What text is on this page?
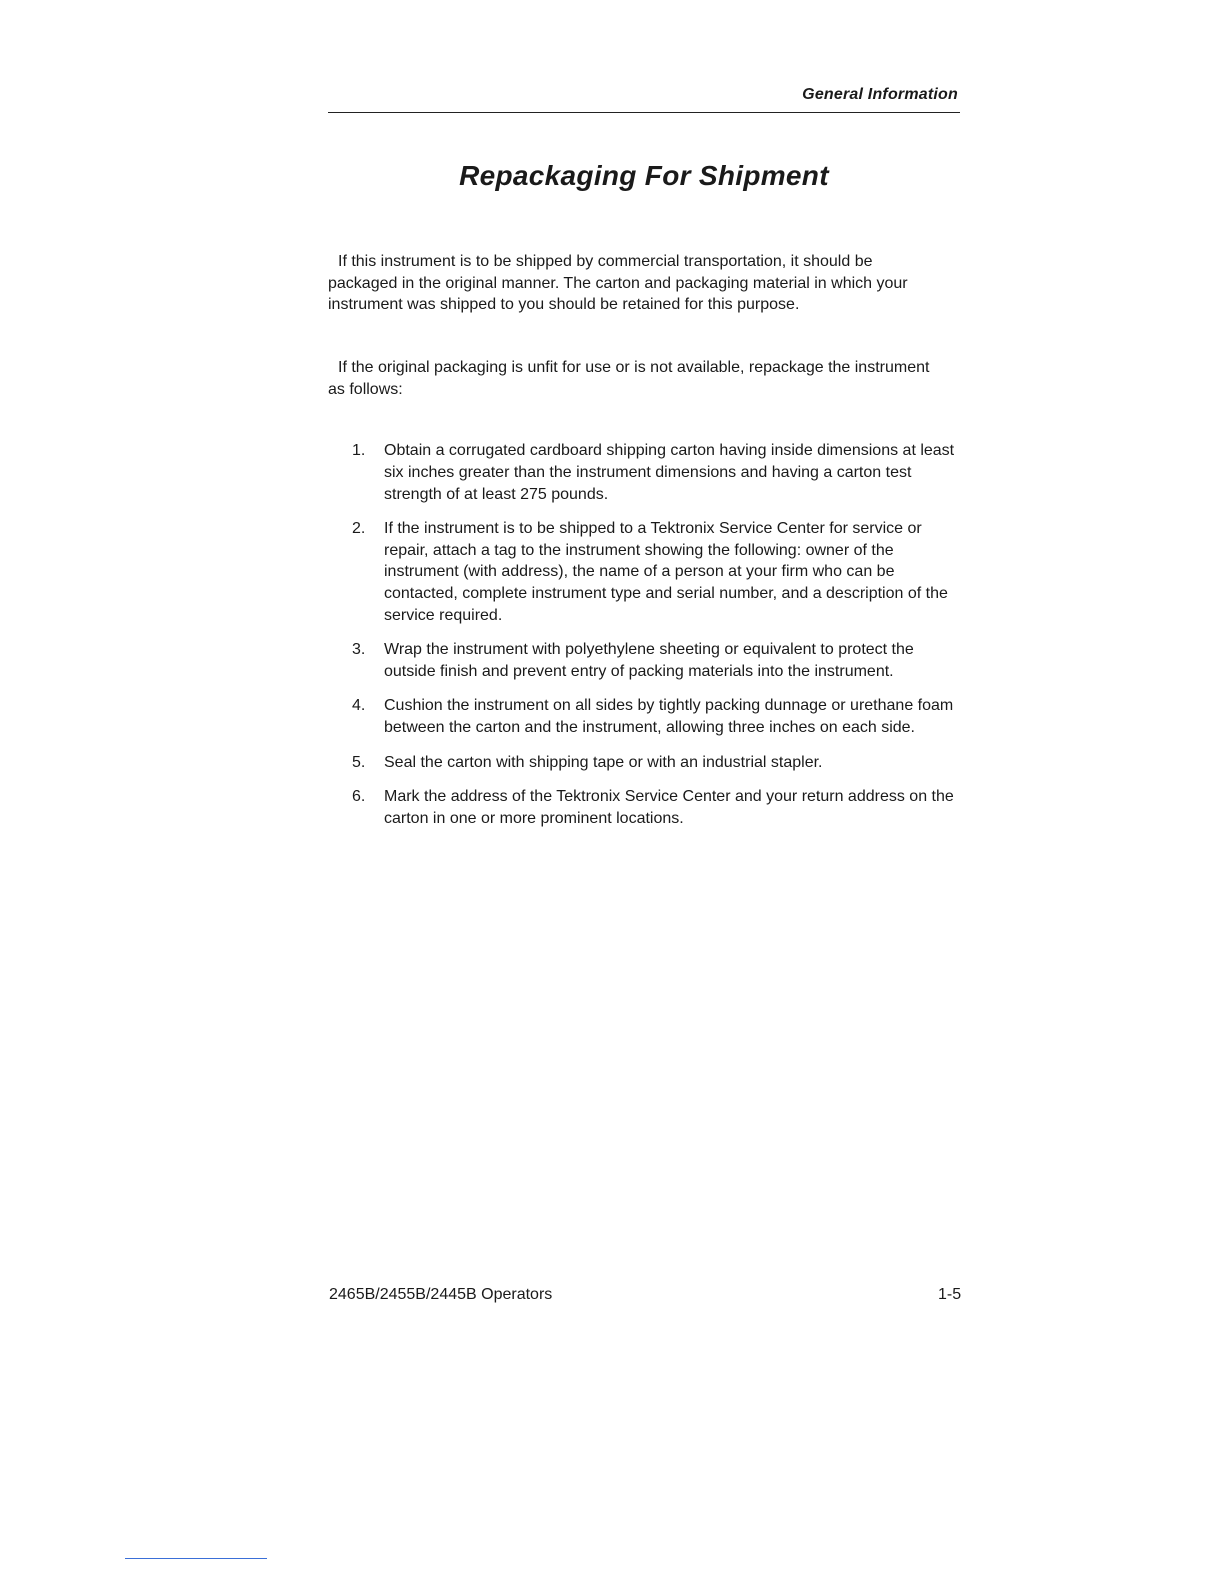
General Information
Repackaging For Shipment

If this instrument is to be shipped by commercial transportation, it should be packaged in the original manner. The carton and packaging material in which your instrument was shipped to you should be retained for this purpose.

If the original packaging is unfit for use or is not available, repackage the instrument as follows:

1. Obtain a corrugated cardboard shipping carton having inside dimensions at least six inches greater than the instrument dimensions and having a carton test strength of at least 275 pounds.
2. If the instrument is to be shipped to a Tektronix Service Center for service or repair, attach a tag to the instrument showing the following: owner of the instrument (with address), the name of a person at your firm who can be contacted, complete instrument type and serial number, and a description of the service required.
3. Wrap the instrument with polyethylene sheeting or equivalent to protect the outside finish and prevent entry of packing materials into the instrument.
4. Cushion the instrument on all sides by tightly packing dunnage or urethane foam between the carton and the instrument, allowing three inches on each side.
5. Seal the carton with shipping tape or with an industrial stapler.
6. Mark the address of the Tektronix Service Center and your return address on the carton in one or more prominent locations.
2465B/2455B/2445B Operators	1-5
